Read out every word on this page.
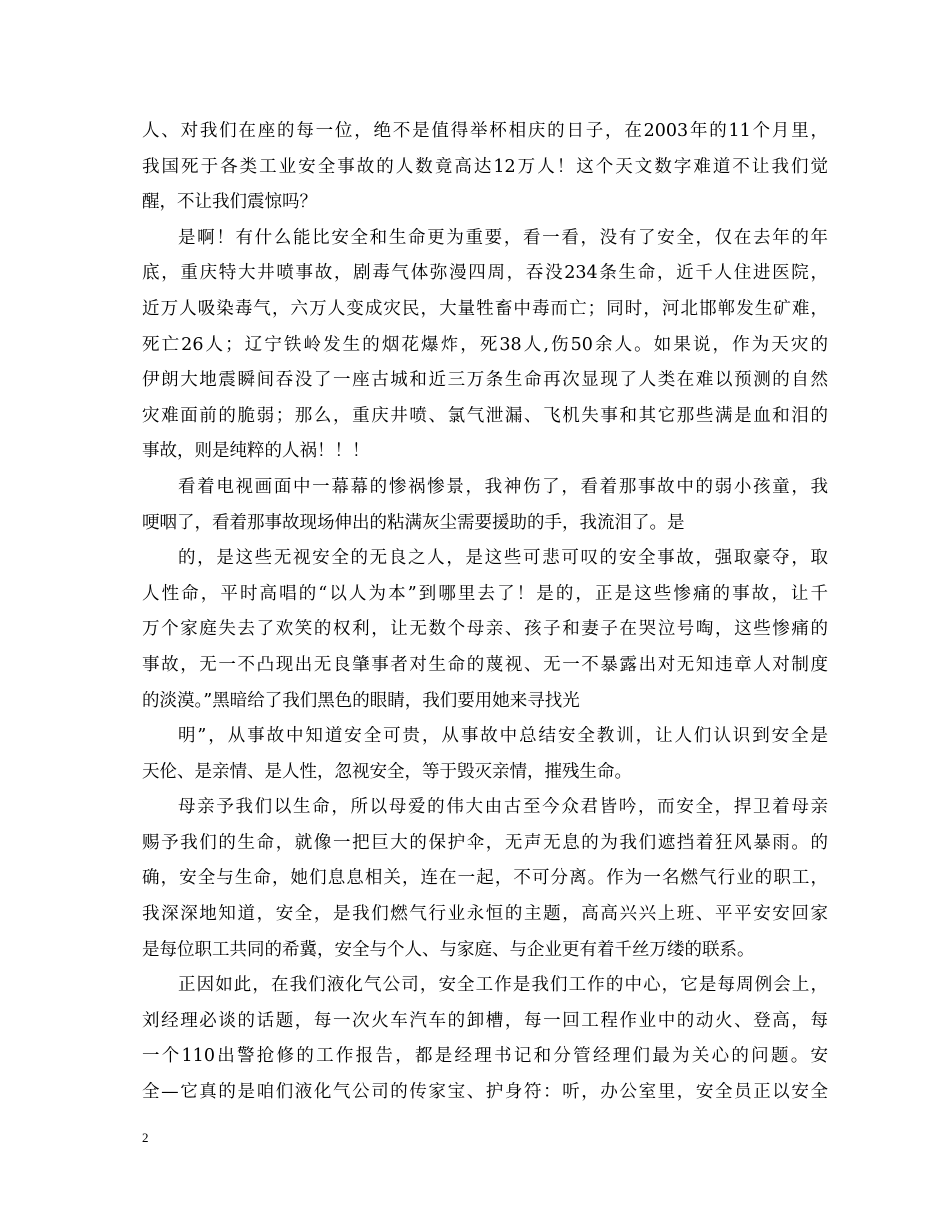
人、对我们在座的每一位，绝不是值得举杯相庆的日子，在2003年的11个月里，
我国死于各类工业安全事故的人数竟高达12万人！这个天文数字难道不让我们觉
醒，不让我们震惊吗？
是啊！有什么能比安全和生命更为重要，看一看，没有了安全，仅在去年的年
底，重庆特大井喷事故，剧毒气体弥漫四周，吞没234条生命，近千人住进医院，
近万人吸染毒气，六万人变成灾民，大量牲畜中毒而亡；同时，河北邯郸发生矿难，
死亡26人；辽宁铁岭发生的烟花爆炸，死38人,伤50余人。如果说，作为天灾的
伊朗大地震瞬间吞没了一座古城和近三万条生命再次显现了人类在难以预测的自然
灾难面前的脆弱；那么，重庆井喷、氯气泄漏、飞机失事和其它那些满是血和泪的
事故，则是纯粹的人祸！！！
看着电视画面中一幕幕的惨祸惨景，我神伤了，看着那事故中的弱小孩童，我
哽咽了，看着那事故现场伸出的粘满灰尘需要援助的手，我流泪了。是
的，是这些无视安全的无良之人，是这些可悲可叹的安全事故，强取豪夺，取
人性命，平时高唱的“以人为本”到哪里去了！是的，正是这些惨痛的事故，让千
万个家庭失去了欢笑的权利，让无数个母亲、孩子和妻子在哭泣号啕，这些惨痛的
事故，无一不凸现出无良肇事者对生命的蔑视、无一不暴露出对无知违章人对制度
的淡漠。”黑暗给了我们黑色的眼睛，我们要用她来寻找光
明”，从事故中知道安全可贵，从事故中总结安全教训，让人们认识到安全是
天伦、是亲情、是人性，忽视安全，等于毁灭亲情，摧残生命。
母亲予我们以生命，所以母爱的伟大由古至今众君皆吟，而安全，捍卫着母亲
赐予我们的生命，就像一把巨大的保护伞，无声无息的为我们遮挡着狂风暴雨。的
确，安全与生命，她们息息相关，连在一起，不可分离。作为一名燃气行业的职工，
我深深地知道，安全，是我们燃气行业永恒的主题，高高兴兴上班、平平安安回家
是每位职工共同的希冀，安全与个人、与家庭、与企业更有着千丝万缕的联系。
正因如此，在我们液化气公司，安全工作是我们工作的中心，它是每周例会上，
刘经理必谈的话题，每一次火车汽车的卸槽，每一回工程作业中的动火、登高，每
一个110出警抢修的工作报告，都是经理书记和分管经理们最为关心的问题。安
全—它真的是咱们液化气公司的传家宝、护身符：听，办公室里，安全员正以安全
2
